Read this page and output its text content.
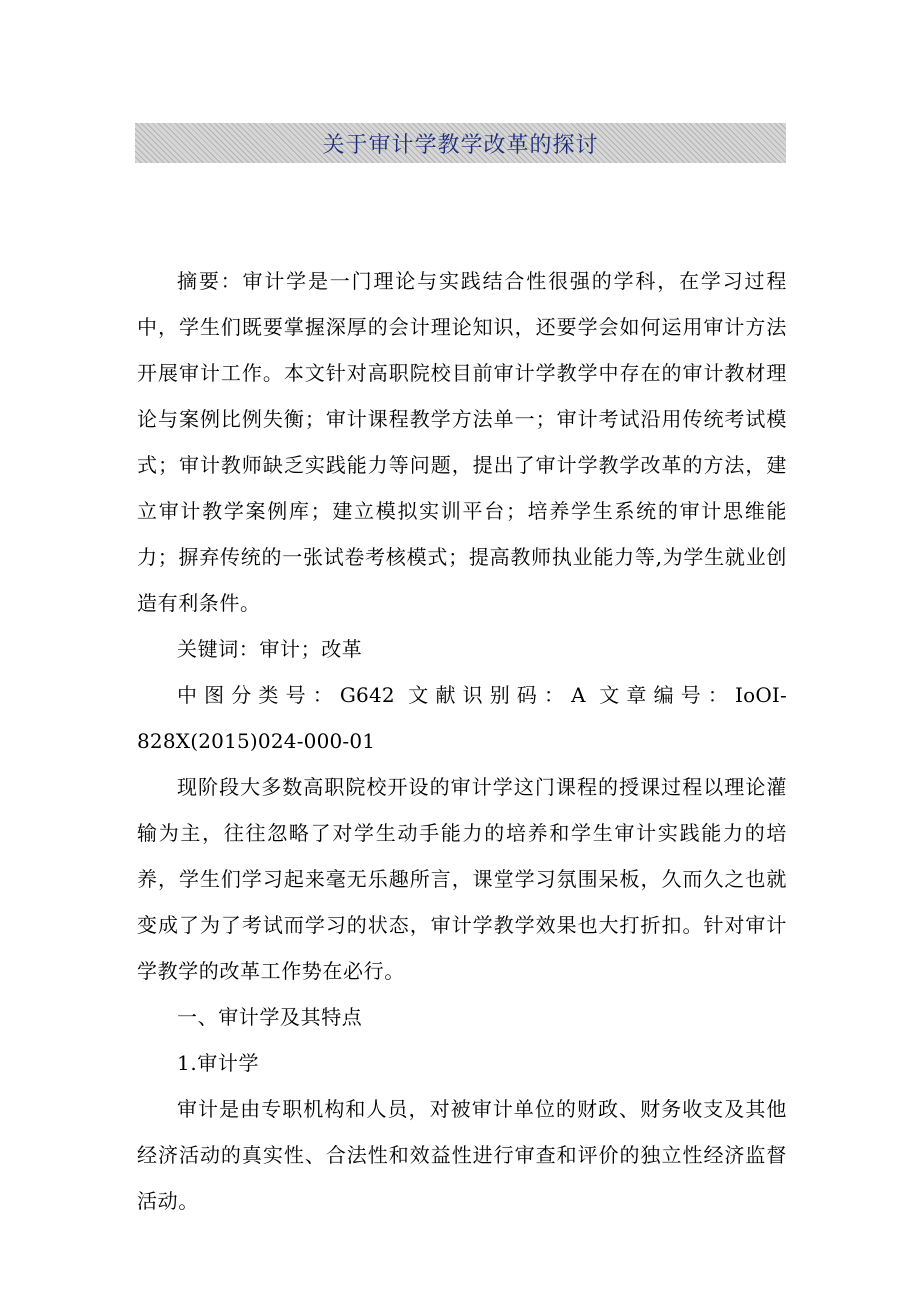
关于审计学教学改革的探讨

摘要：审计学是一门理论与实践结合性很强的学科，在学习过程中，学生们既要掌握深厚的会计理论知识，还要学会如何运用审计方法开展审计工作。本文针对高职院校目前审计学教学中存在的审计教材理论与案例比例失衡；审计课程教学方法单一；审计考试沿用传统考试模式；审计教师缺乏实践能力等问题，提出了审计学教学改革的方法，建立审计教学案例库；建立模拟实训平台；培养学生系统的审计思维能力；摒弃传统的一张试卷考核模式；提高教师执业能力等,为学生就业创造有利条件。

关键词：审计；改革

中图分类号：G642 文献识别码：A 文章编号：IoOI-828X(2015)024-000-01

现阶段大多数高职院校开设的审计学这门课程的授课过程以理论灌输为主，往往忽略了对学生动手能力的培养和学生审计实践能力的培养，学生们学习起来毫无乐趣所言，课堂学习氛围呆板，久而久之也就变成了为了考试而学习的状态，审计学教学效果也大打折扣。针对审计学教学的改革工作势在必行。

一、审计学及其特点

1.审计学

审计是由专职机构和人员，对被审计单位的财政、财务收支及其他经济活动的真实性、合法性和效益性进行审查和评价的独立性经济监督活动。
